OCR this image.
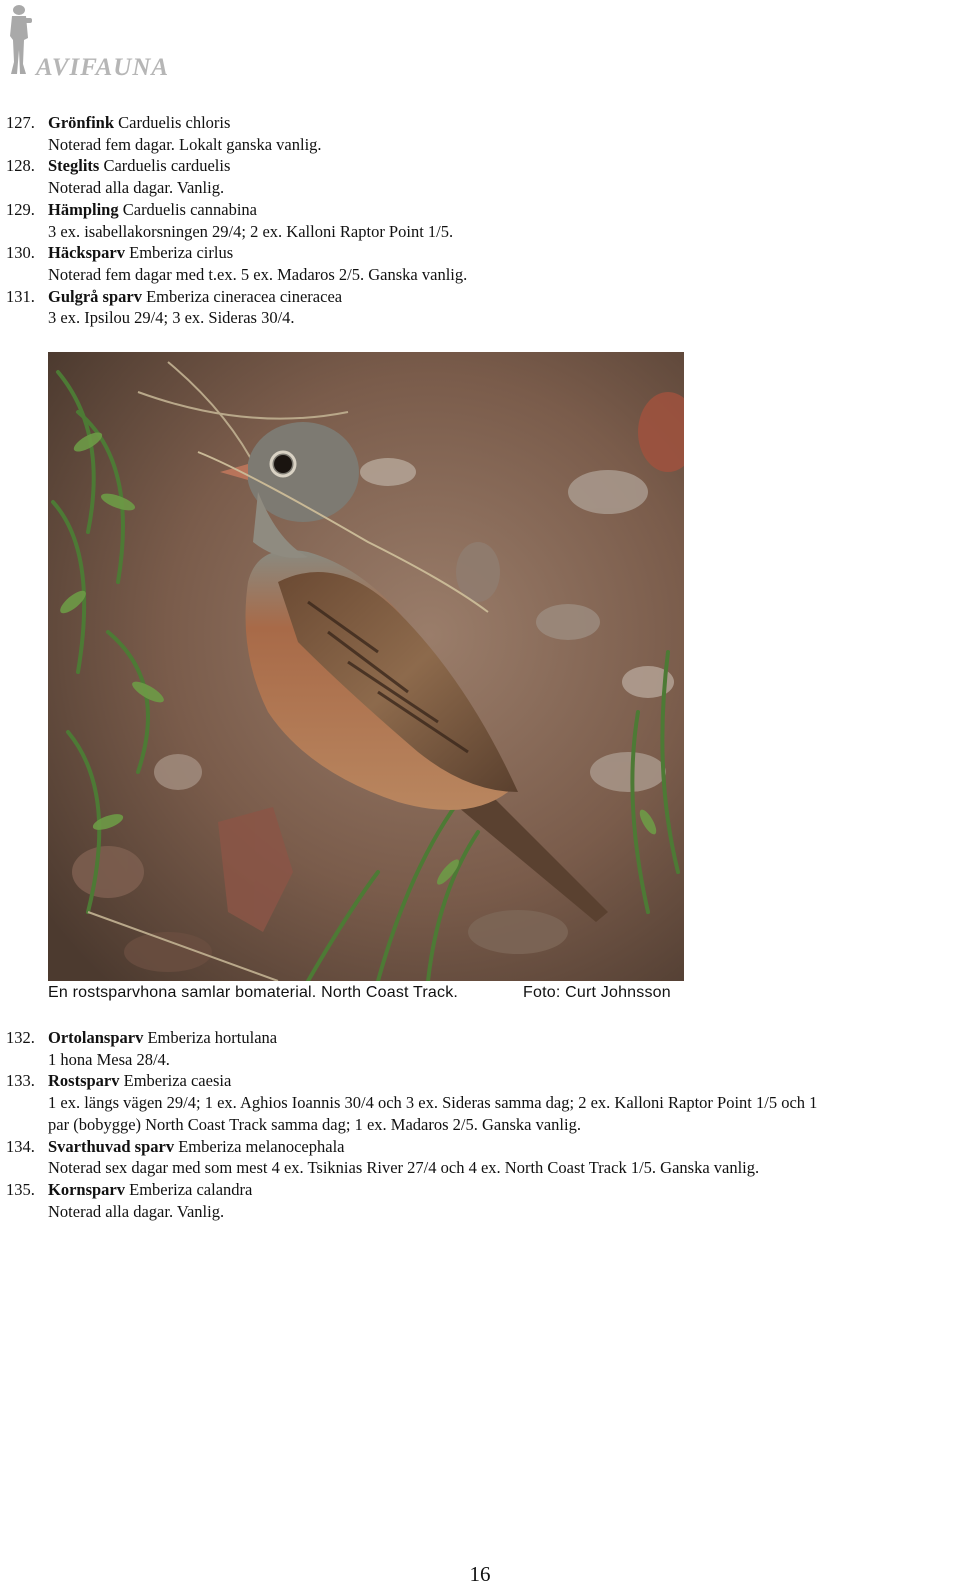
AVIFAUNA
127. Grönfink Carduelis chloris
Noterad fem dagar. Lokalt ganska vanlig.
128. Steglits Carduelis carduelis
Noterad alla dagar. Vanlig.
129. Hämpling Carduelis cannabina
3 ex. isabellakorsningen 29/4; 2 ex. Kalloni Raptor Point 1/5.
130. Häcksparv Emberiza cirlus
Noterad fem dagar med t.ex. 5 ex. Madaros 2/5. Ganska vanlig.
131. Gulgrå sparv Emberiza cineracea cineracea
3 ex. Ipsilou 29/4; 3 ex. Sideras 30/4.
En rostsparvhona samlar bomaterial. North Coast Track.	Foto: Curt Johnsson
132. Ortolansparv Emberiza hortulana
1 hona Mesa 28/4.
133. Rostsparv Emberiza caesia
1 ex. längs vägen 29/4; 1 ex. Aghios Ioannis 30/4 och 3 ex. Sideras samma dag; 2 ex. Kalloni Raptor Point 1/5 och 1
par (bobygge) North Coast Track samma dag; 1 ex. Madaros 2/5. Ganska vanlig.
134. Svarthuvad sparv Emberiza melanocephala
Noterad sex dagar med som mest 4 ex. Tsiknias River 27/4 och 4 ex. North Coast Track 1/5. Ganska vanlig.
135. Kornsparv Emberiza calandra
Noterad alla dagar. Vanlig.
16
